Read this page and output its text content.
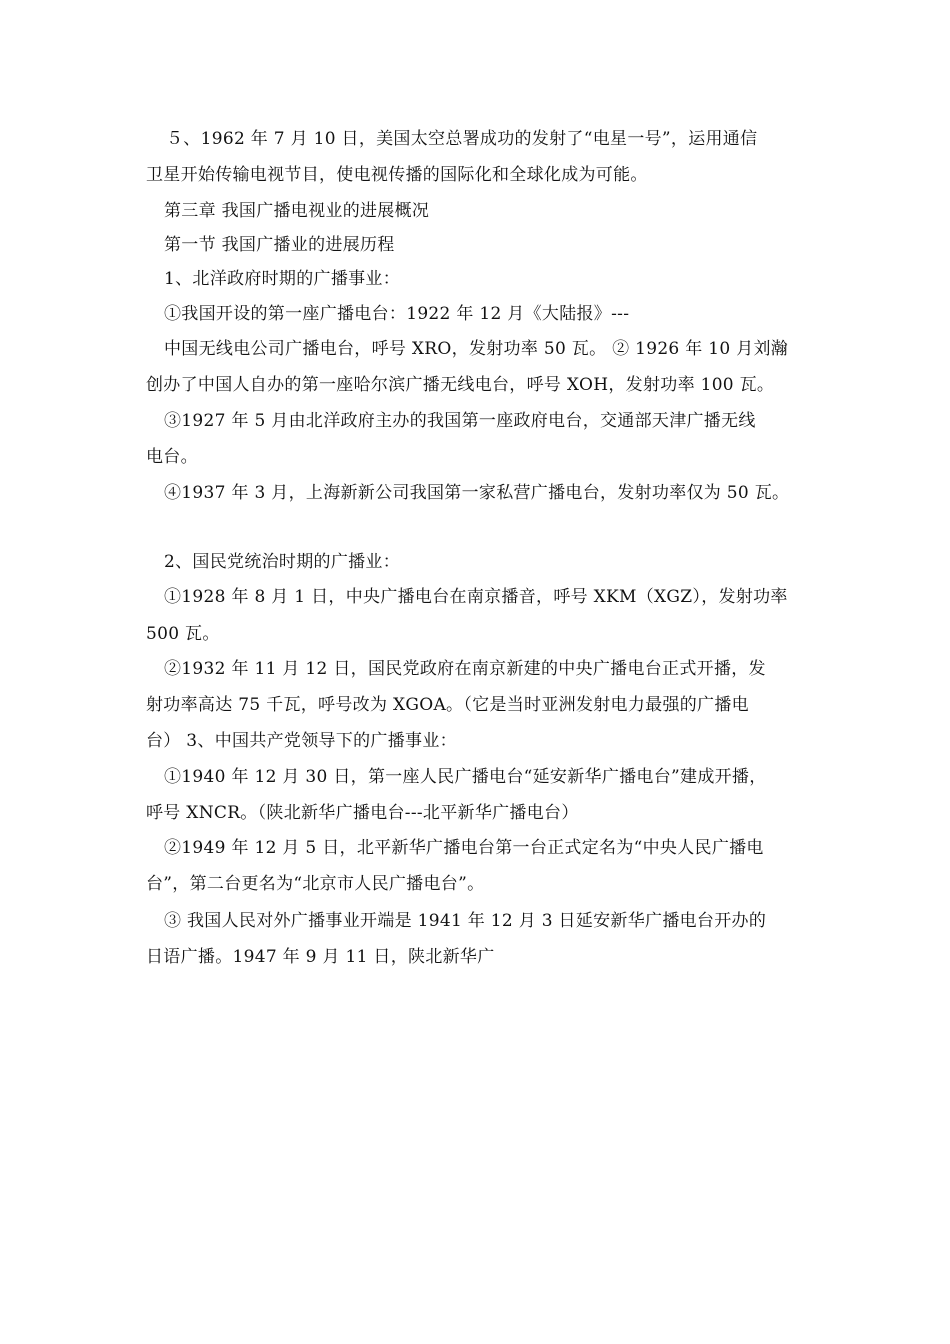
５、1962 年 7 月 10 日，美国太空总署成功的发射了“电星一号”，运用通信
卫星开始传输电视节目，使电视传播的国际化和全球化成为可能。
第三章 我国广播电视业的进展概况
第一节 我国广播业的进展历程
1、北洋政府时期的广播事业：
①我国开设的第一座广播电台：1922 年 12 月《大陆报》---
中国无线电公司广播电台，呼号 XRO，发射功率 50 瓦。 ② 1926 年 10 月刘瀚
创办了中国人自办的第一座哈尔滨广播无线电台，呼号 XOH，发射功率 100 瓦。
③1927 年 5 月由北洋政府主办的我国第一座政府电台，交通部天津广播无线
电台。
④1937 年 3 月，上海新新公司我国第一家私营广播电台，发射功率仅为 50 瓦。
2、国民党统治时期的广播业：
①1928 年 8 月 1 日，中央广播电台在南京播音，呼号 XKM（XGZ），发射功率
500 瓦。
②1932 年 11 月 12 日，国民党政府在南京新建的中央广播电台正式开播，发
射功率高达 75 千瓦，呼号改为 XGOA。（它是当时亚洲发射电力最强的广播电
台） 3、中国共产党领导下的广播事业：
①1940 年 12 月 30 日，第一座人民广播电台“延安新华广播电台”建成开播，
呼号 XNCR。（陕北新华广播电台---北平新华广播电台）
②1949 年 12 月 5 日，北平新华广播电台第一台正式定名为“中央人民广播电
台”，第二台更名为“北京市人民广播电台”。
③ 我国人民对外广播事业开端是 1941 年 12 月 3 日延安新华广播电台开办的
日语广播。1947 年 9 月 11 日，陕北新华广
